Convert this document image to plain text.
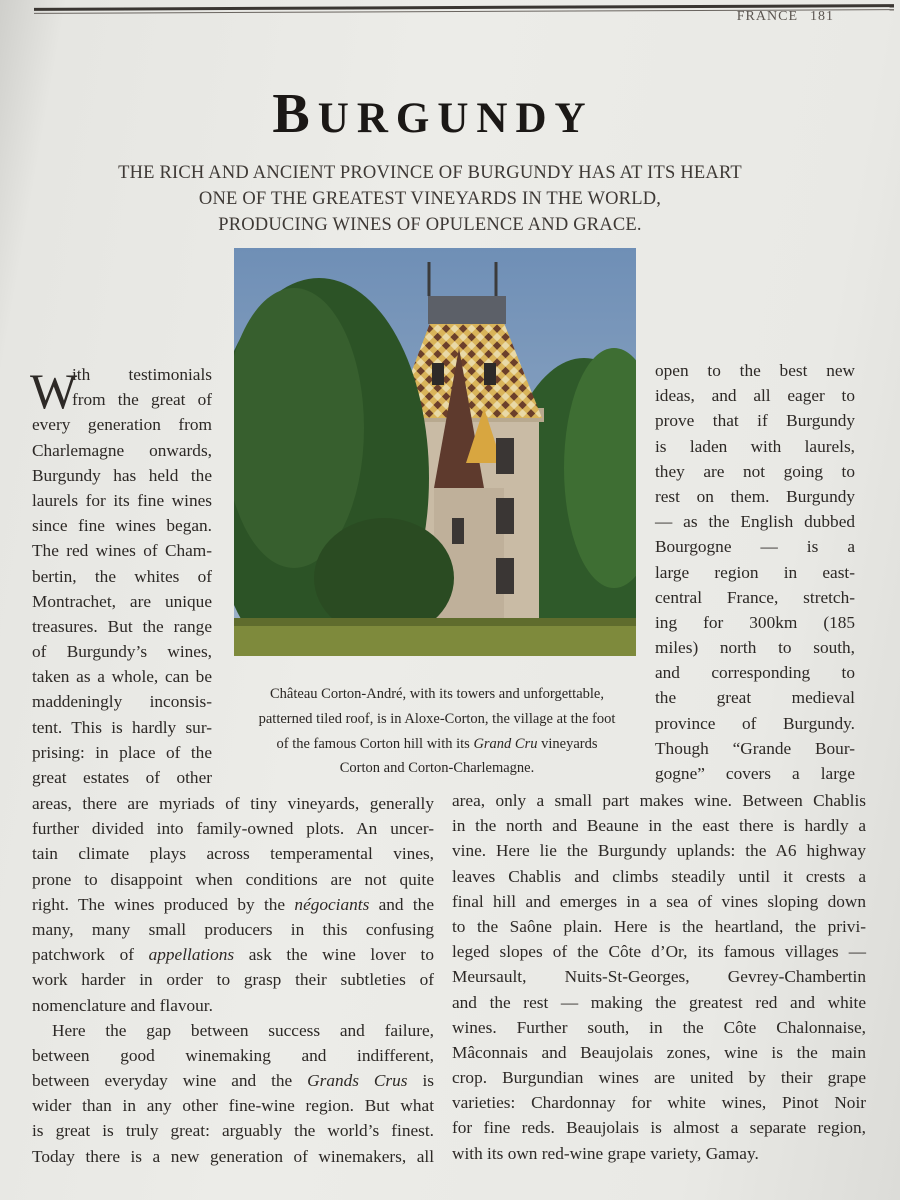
FRANCE 181
BURGUNDY
THE RICH AND ANCIENT PROVINCE OF BURGUNDY HAS AT ITS HEART
ONE OF THE GREATEST VINEYARDS IN THE WORLD,
PRODUCING WINES OF OPULENCE AND GRACE.
Château Corton-André, with its towers and unforgettable,
patterned tiled roof, is in Aloxe-Corton, the village at the foot
of the famous Corton hill with its Grand Cru vineyards
Corton and Corton-Charlemagne.
W
ith testimonials
from the great of
every generation from
Charlemagne onwards,
Burgundy has held the
laurels for its fine wines
since fine wines began.
The red wines of Cham-
bertin, the whites of
Montrachet, are unique
treasures. But the range
of Burgundy’s wines,
taken as a whole, can be
maddeningly inconsis-
tent. This is hardly sur-
prising: in place of the
great estates of other
areas, there are myriads of tiny vineyards, generally
further divided into family-owned plots. An uncer-
tain climate plays across temperamental vines,
prone to disappoint when conditions are not quite
right. The wines produced by the négociants and the
many, many small producers in this confusing
patchwork of appellations ask the wine lover to
work harder in order to grasp their subtleties of
nomenclature and flavour.
Here the gap between success and failure,
between good winemaking and indifferent,
between everyday wine and the Grands Crus is
wider than in any other fine-wine region. But what
is great is truly great: arguably the world’s finest.
Today there is a new generation of winemakers, all
open to the best new
ideas, and all eager to
prove that if Burgundy
is laden with laurels,
they are not going to
rest on them. Burgundy
— as the English dubbed
Bourgogne — is a
large region in east-
central France, stretch-
ing for 300km (185
miles) north to south,
and corresponding to
the great medieval
province of Burgundy.
Though “Grande Bour-
gogne” covers a large
area, only a small part makes wine. Between Chablis
in the north and Beaune in the east there is hardly a
vine. Here lie the Burgundy uplands: the A6 highway
leaves Chablis and climbs steadily until it crests a
final hill and emerges in a sea of vines sloping down
to the Saône plain. Here is the heartland, the privi-
leged slopes of the Côte d’Or, its famous villages —
Meursault, Nuits-St-Georges, Gevrey-Chambertin
and the rest — making the greatest red and white
wines. Further south, in the Côte Chalonnaise,
Mâconnais and Beaujolais zones, wine is the main
crop. Burgundian wines are united by their grape
varieties: Chardonnay for white wines, Pinot Noir
for fine reds. Beaujolais is almost a separate region,
with its own red-wine grape variety, Gamay.
